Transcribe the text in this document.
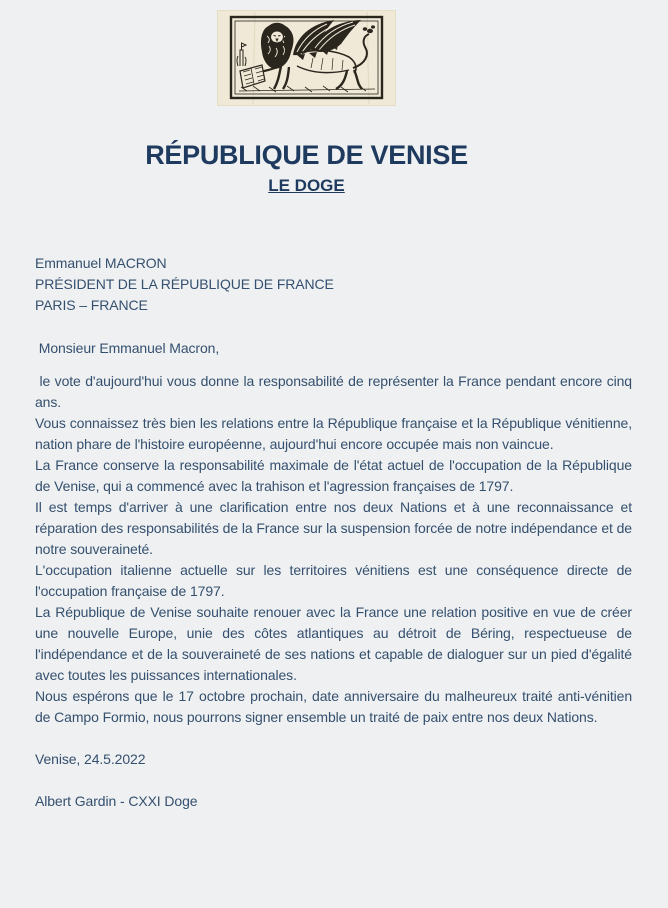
RÉPUBLIQUE DE VENISE
LE DOGE
Emmanuel MACRON
PRÉSIDENT DE LA RÉPUBLIQUE DE FRANCE
PARIS – FRANCE
Monsieur Emmanuel Macron,

le vote d'aujourd'hui vous donne la responsabilité de représenter la France pendant encore cinq ans.

Vous connaissez très bien les relations entre la République française et la République vénitienne, nation phare de l'histoire européenne, aujourd'hui encore occupée mais non vaincue.

La France conserve la responsabilité maximale de l'état actuel de l'occupation de la République de Venise, qui a commencé avec la trahison et l'agression françaises de 1797.

Il est temps d'arriver à une clarification entre nos deux Nations et à une reconnaissance et réparation des responsabilités de la France sur la suspension forcée de notre indépendance et de notre souveraineté.

L'occupation italienne actuelle sur les territoires vénitiens est une conséquence directe de l'occupation française de 1797.

La République de Venise souhaite renouer avec la France une relation positive en vue de créer une nouvelle Europe, unie des côtes atlantiques au détroit de Béring, respectueuse de l'indépendance et de la souveraineté de ses nations et capable de dialoguer sur un pied d'égalité avec toutes les puissances internationales.

Nous espérons que le 17 octobre prochain, date anniversaire du malheureux traité anti-vénitien de Campo Formio, nous pourrons signer ensemble un traité de paix entre nos deux Nations.

Venise, 24.5.2022
Albert Gardin - CXXI Doge
